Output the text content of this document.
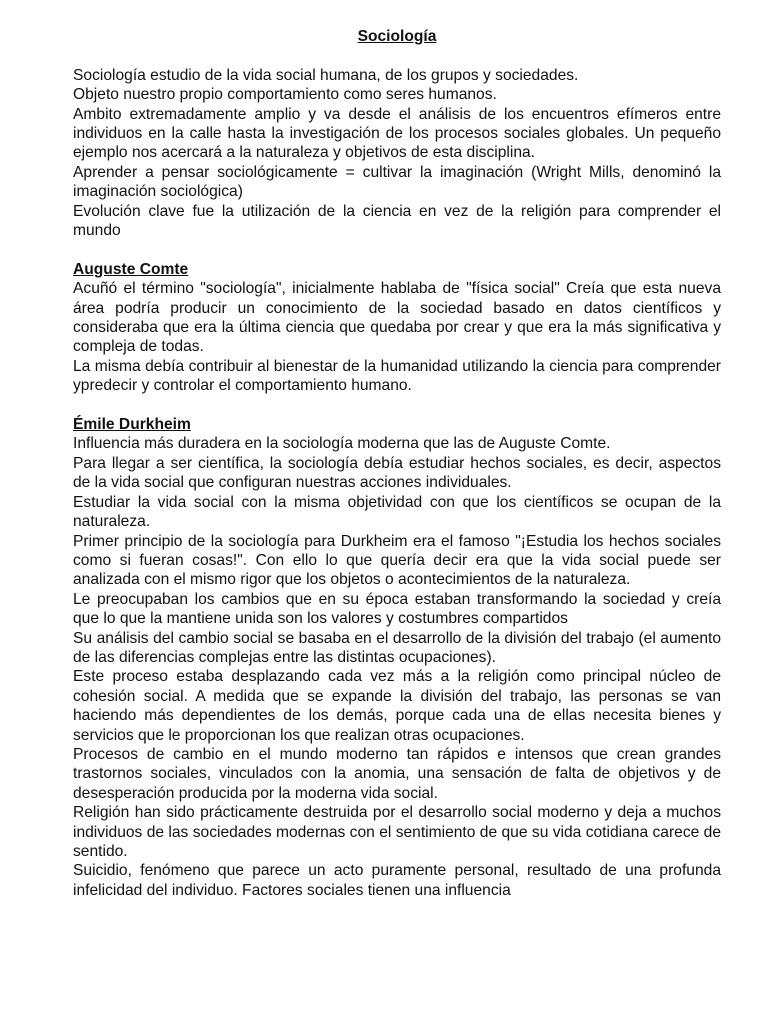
Sociología

Sociología estudio de la vida social humana, de los grupos y sociedades.

Objeto nuestro propio comportamiento como seres humanos.

Ambito extremadamente amplio y va desde el análisis de los encuentros efímeros entre individuos en la calle hasta la investigación de los procesos sociales globales. Un pequeño ejemplo nos acercará a la naturaleza y objetivos de esta disciplina.

Aprender a pensar sociológicamente = cultivar la imaginación (Wright Mills, denominó la imaginación sociológica)

Evolución clave fue la utilización de la ciencia en vez de la religión para comprender el mundo

Auguste Comte

Acuñó el término "sociología", inicialmente hablaba de "física social" Creía que esta nueva área podría producir un conocimiento de la sociedad basado en datos científicos y consideraba que era la última ciencia que quedaba por crear y que era la más significativa y compleja de todas.

La misma debía contribuir al bienestar de la humanidad utilizando la ciencia para comprender ypredecir y controlar el comportamiento humano.

Émile Durkheim

Influencia más duradera en la sociología moderna que las de Auguste Comte.

Para llegar a ser científica, la sociología debía estudiar hechos sociales, es decir, aspectos de la vida social que configuran nuestras acciones individuales.

Estudiar la vida social con la misma objetividad con que los científicos se ocupan de la naturaleza.

Primer principio de la sociología para Durkheim era el famoso "¡Estudia los hechos sociales como si fueran cosas!". Con ello lo que quería decir era que la vida social puede ser analizada con el mismo rigor que los objetos o acontecimientos de la naturaleza.

Le preocupaban los cambios que en su época estaban transformando la sociedad y creía que lo que la mantiene unida son los valores y costumbres compartidos

Su análisis del cambio social se basaba en el desarrollo de la división del trabajo (el aumento de las diferencias complejas entre las distintas ocupaciones).

Este proceso estaba desplazando cada vez más a la religión como principal núcleo de cohesión social. A medida que se expande la división del trabajo, las personas se van haciendo más dependientes de los demás, porque cada una de ellas necesita bienes y servicios que le proporcionan los que realizan otras ocupaciones.

Procesos de cambio en el mundo moderno tan rápidos e intensos que crean grandes trastornos sociales, vinculados con la anomia, una sensación de falta de objetivos y de desesperación producida por la moderna vida social.

Religión han sido prácticamente destruida por el desarrollo social moderno y deja a muchos individuos de las sociedades modernas con el sentimiento de que su vida cotidiana carece de sentido.

Suicidio, fenómeno que parece un acto puramente personal, resultado de una profunda infelicidad del individuo. Factores sociales tienen una influencia
